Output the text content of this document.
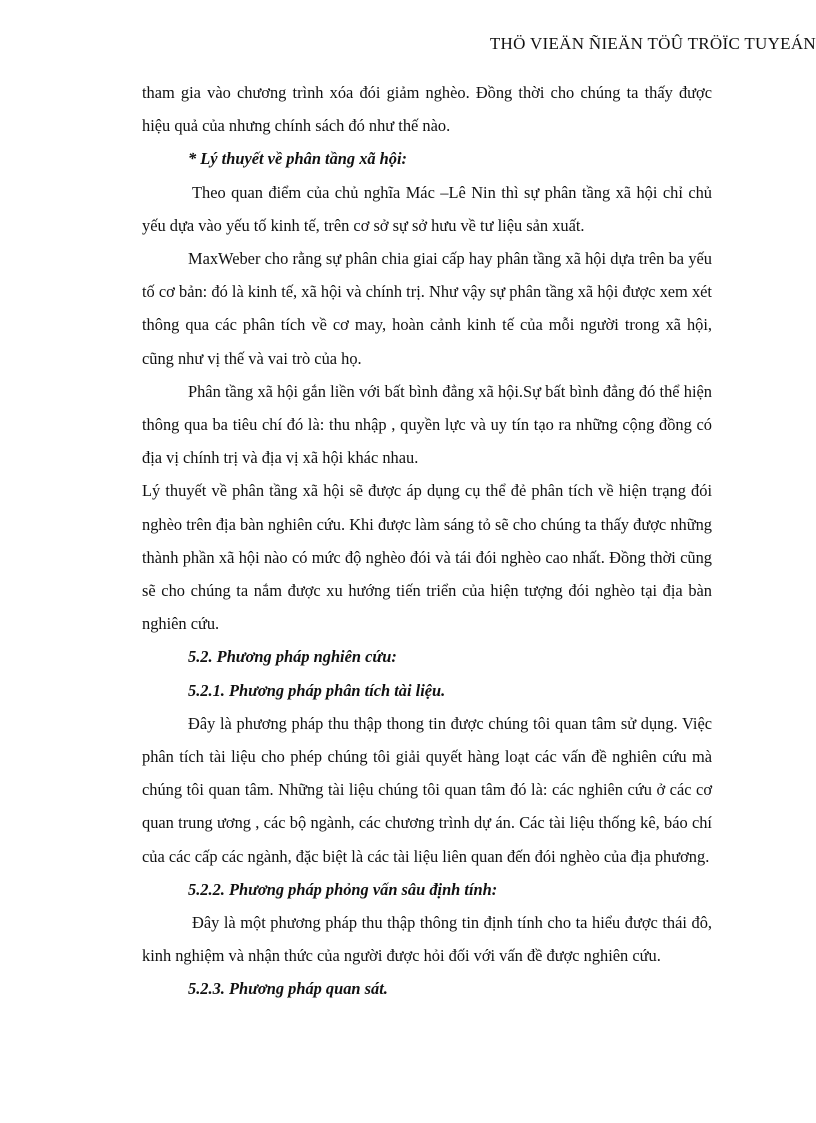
THÖ VIEÄN ÑIEÄN TÖÛ TRÖÏC TUYEÁN

tham gia vào chương trình xóa đói giảm nghèo. Đồng thời cho chúng ta thấy được hiệu quả của nhưng chính sách đó như thế nào.

* Lý thuyết về phân tầng xã hội:

Theo quan điểm của chủ nghĩa Mác –Lê Nin thì sự phân tầng xã hội chỉ chủ yếu dựa vào yếu tố kinh tế, trên cơ sở sự sở hưu về tư liệu sản xuất.

MaxWeber cho rằng sự phân chia giai cấp hay phân tầng xã hội dựa trên ba yếu tố cơ bản: đó là kinh tế, xã hội và chính trị. Như vậy sự phân tầng xã hội được xem xét thông qua các phân tích về cơ may, hoàn cảnh kinh tế của mỗi người trong xã hội, cũng như vị thế và vai trò của họ.

Phân tầng xã hội gắn liền với bất bình đẳng xã hội.Sự bất bình đẳng đó thể hiện thông qua ba tiêu chí đó là: thu nhập , quyền lực và uy tín tạo ra những cộng đồng có địa vị chính trị và địa vị xã hội khác nhau.

Lý thuyết về phân tầng xã hội sẽ được áp dụng cụ thể đẻ phân tích về hiện trạng đói nghèo trên địa bàn nghiên cứu. Khi được làm sáng tỏ sẽ cho chúng ta thấy được những thành phần xã hội nào có mức độ nghèo đói và tái đói nghèo cao nhất. Đồng thời cũng sẽ cho chúng ta nắm được xu hướng tiến triển của hiện tượng đói nghèo tại địa bàn nghiên cứu.

5.2. Phương pháp nghiên cứu:

5.2.1. Phương pháp phân tích tài liệu.

Đây là phương pháp thu thập thong tin được chúng tôi quan tâm sử dụng. Việc phân tích tài liệu cho phép chúng tôi giải quyết hàng loạt các vấn đề nghiên cứu mà chúng tôi quan tâm. Những tài liệu chúng tôi quan tâm đó là: các nghiên cứu ở các cơ quan trung ương , các bộ ngành, các chương trình dự án. Các tài liệu thống kê, báo chí của các cấp các ngành, đặc biệt là các tài liệu liên quan đến đói nghèo của địa phương.

5.2.2. Phương pháp phỏng vấn sâu định tính:

Đây là một phương pháp thu thập thông tin định tính cho ta hiểu được thái đô, kinh nghiệm và nhận thức của người được hỏi đối với vấn đề được nghiên cứu.

5.2.3. Phương pháp quan sát.
